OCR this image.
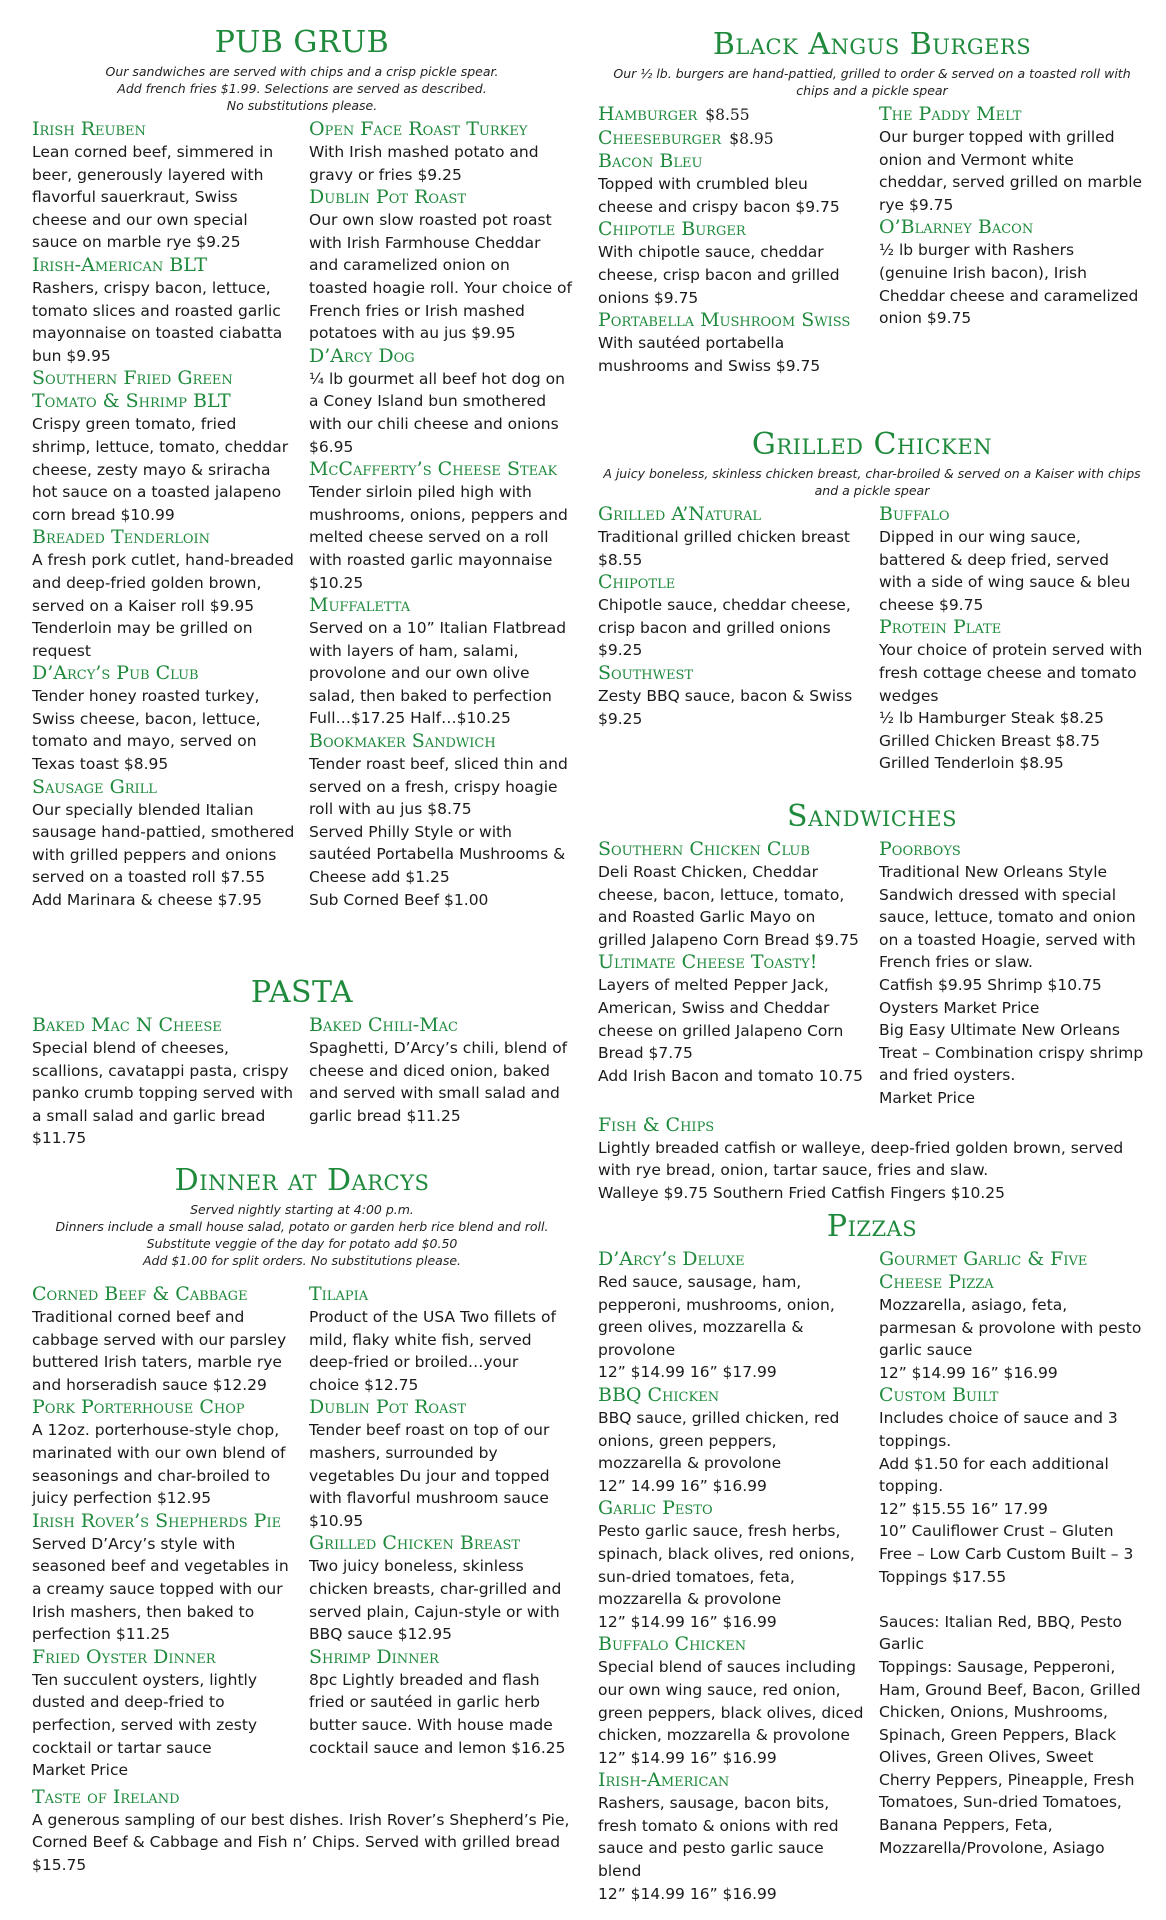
PUB GRUB
Our sandwiches are served with chips and a crisp pickle spear.
Add french fries $1.99. Selections are served as described.
No substitutions please.
Irish Reuben
Lean corned beef, simmered in beer, generously layered with flavorful sauerkraut, Swiss cheese and our own special sauce on marble rye $9.25
Irish-American BLT
Rashers, crispy bacon, lettuce, tomato slices and roasted garlic mayonnaise on toasted ciabatta bun $9.95
Southern Fried Green Tomato & Shrimp BLT
Crispy green tomato, fried shrimp, lettuce, tomato, cheddar cheese, zesty mayo & sriracha hot sauce on a toasted jalapeno corn bread $10.99
Breaded Tenderloin
A fresh pork cutlet, hand-breaded and deep-fried golden brown, served on a Kaiser roll $9.95
Tenderloin may be grilled on request
D’Arcy’s Pub Club
Tender honey roasted turkey, Swiss cheese, bacon, lettuce, tomato and mayo, served on Texas toast $8.95
Sausage Grill
Our specially blended Italian sausage hand-pattied, smothered with grilled peppers and onions served on a toasted roll $7.55
Add Marinara & cheese $7.95
Open Face Roast Turkey
With Irish mashed potato and gravy or fries $9.25
Dublin Pot Roast
Our own slow roasted pot roast with Irish Farmhouse Cheddar and caramelized onion on toasted hoagie roll. Your choice of French fries or Irish mashed potatoes with au jus $9.95
D’Arcy Dog
¼ lb gourmet all beef hot dog on a Coney Island bun smothered with our chili cheese and onions $6.95
McCafferty’s Cheese Steak
Tender sirloin piled high with mushrooms, onions, peppers and melted cheese served on a roll with roasted garlic mayonnaise $10.25
Muffaletta
Served on a 10” Italian Flatbread with layers of ham, salami, provolone and our own olive salad, then baked to perfection
Full…$17.25 Half…$10.25
Bookmaker Sandwich
Tender roast beef, sliced thin and served on a fresh, crispy hoagie roll with au jus $8.75
Served Philly Style or with sautéed Portabella Mushrooms & Cheese add $1.25
Sub Corned Beef $1.00
PASTA
Baked Mac N Cheese
Special blend of cheeses, scallions, cavatappi pasta, crispy panko crumb topping served with a small salad and garlic bread $11.75
Baked Chili-Mac
Spaghetti, D’Arcy’s chili, blend of cheese and diced onion, baked and served with small salad and garlic bread $11.25
Dinner at Darcys
Served nightly starting at 4:00 p.m.
Dinners include a small house salad, potato or garden herb rice blend and roll.
Substitute veggie of the day for potato add $0.50
Add $1.00 for split orders. No substitutions please.
Corned Beef & Cabbage
Traditional corned beef and cabbage served with our parsley buttered Irish taters, marble rye and horseradish sauce $12.29
Pork Porterhouse Chop
A 12oz. porterhouse-style chop, marinated with our own blend of seasonings and char-broiled to juicy perfection $12.95
Irish Rover’s Shepherds Pie
Served D’Arcy’s style with seasoned beef and vegetables in a creamy sauce topped with our Irish mashers, then baked to perfection $11.25
Fried Oyster Dinner
Ten succulent oysters, lightly dusted and deep-fried to perfection, served with zesty cocktail or tartar sauce
Market Price
Tilapia
Product of the USA Two fillets of mild, flaky white fish, served deep-fried or broiled…your choice $12.75
Dublin Pot Roast
Tender beef roast on top of our mashers, surrounded by vegetables Du jour and topped with flavorful mushroom sauce $10.95
Grilled Chicken Breast
Two juicy boneless, skinless chicken breasts, char-grilled and served plain, Cajun-style or with BBQ sauce $12.95
Shrimp Dinner
8pc Lightly breaded and flash fried or sautéed in garlic herb butter sauce. With house made cocktail sauce and lemon $16.25
Taste of Ireland
A generous sampling of our best dishes. Irish Rover’s Shepherd’s Pie, Corned Beef & Cabbage and Fish n’ Chips. Served with grilled bread $15.75
Black Angus Burgers
Our ½ lb. burgers are hand-pattied, grilled to order & served on a toasted roll with chips and a pickle spear
Hamburger $8.55
Cheeseburger $8.95
Bacon Bleu
Topped with crumbled bleu cheese and crispy bacon $9.75
Chipotle Burger
With chipotle sauce, cheddar cheese, crisp bacon and grilled onions $9.75
Portabella Mushroom Swiss
With sautéed portabella mushrooms and Swiss $9.75
The Paddy Melt
Our burger topped with grilled onion and Vermont white cheddar, served grilled on marble rye $9.75
O’Blarney Bacon
½ lb burger with Rashers (genuine Irish bacon), Irish Cheddar cheese and caramelized onion $9.75
Grilled Chicken
A juicy boneless, skinless chicken breast, char-broiled & served on a Kaiser with chips and a pickle spear
Grilled A’Natural
Traditional grilled chicken breast $8.55
Chipotle
Chipotle sauce, cheddar cheese, crisp bacon and grilled onions $9.25
Southwest
Zesty BBQ sauce, bacon & Swiss $9.25
Buffalo
Dipped in our wing sauce, battered & deep fried, served with a side of wing sauce & bleu cheese $9.75
Protein Plate
Your choice of protein served with fresh cottage cheese and tomato wedges
½ lb Hamburger Steak $8.25
Grilled Chicken Breast $8.75
Grilled Tenderloin $8.95
Sandwiches
Southern Chicken Club
Deli Roast Chicken, Cheddar cheese, bacon, lettuce, tomato, and Roasted Garlic Mayo on grilled Jalapeno Corn Bread $9.75
Ultimate Cheese Toasty!
Layers of melted Pepper Jack, American, Swiss and Cheddar cheese on grilled Jalapeno Corn Bread $7.75
Add Irish Bacon and tomato 10.75
Poorboys
Traditional New Orleans Style Sandwich dressed with special sauce, lettuce, tomato and onion on a toasted Hoagie, served with French fries or slaw.
Catfish $9.95 Shrimp $10.75
Oysters Market Price
Big Easy Ultimate New Orleans Treat – Combination crispy shrimp and fried oysters.
Market Price
Fish & Chips
Lightly breaded catfish or walleye, deep-fried golden brown, served with rye bread, onion, tartar sauce, fries and slaw.
Walleye $9.75 Southern Fried Catfish Fingers $10.25
Pizzas
D’Arcy’s Deluxe
Red sauce, sausage, ham, pepperoni, mushrooms, onion, green olives, mozzarella & provolone
12” $14.99 16” $17.99
BBQ Chicken
BBQ sauce, grilled chicken, red onions, green peppers, mozzarella & provolone
12” 14.99 16” $16.99
Garlic Pesto
Pesto garlic sauce, fresh herbs, spinach, black olives, red onions, sun-dried tomatoes, feta, mozzarella & provolone
12” $14.99 16” $16.99
Buffalo Chicken
Special blend of sauces including our own wing sauce, red onion, green peppers, black olives, diced chicken, mozzarella & provolone
12” $14.99 16” $16.99
Irish-American
Rashers, sausage, bacon bits, fresh tomato & onions with red sauce and pesto garlic sauce blend
12” $14.99 16” $16.99
Gourmet Garlic & Five Cheese Pizza
Mozzarella, asiago, feta, parmesan & provolone with pesto garlic sauce
12” $14.99 16” $16.99
Custom Built
Includes choice of sauce and 3 toppings.
Add $1.50 for each additional topping.
12” $15.55 16” 17.99
10” Cauliflower Crust – Gluten Free – Low Carb Custom Built – 3 Toppings $17.55

Sauces: Italian Red, BBQ, Pesto Garlic
Toppings: Sausage, Pepperoni, Ham, Ground Beef, Bacon, Grilled Chicken, Onions, Mushrooms, Spinach, Green Peppers, Black Olives, Green Olives, Sweet Cherry Peppers, Pineapple, Fresh Tomatoes, Sun-dried Tomatoes, Banana Peppers, Feta, Mozzarella/Provolone, Asiago
